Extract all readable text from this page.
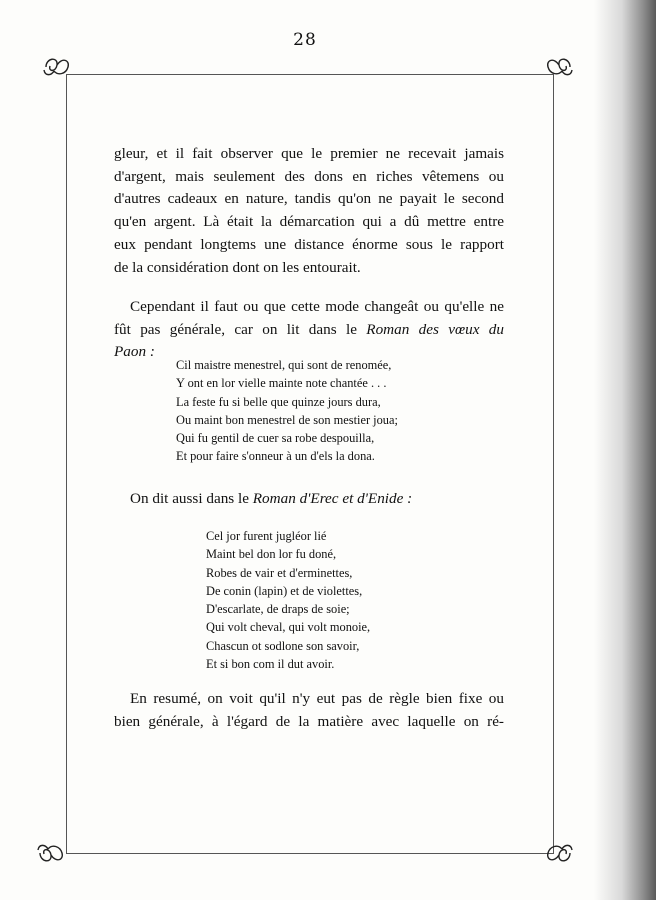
28

gleur, et il fait observer que le premier ne recevait jamais
d'argent, mais seulement des dons en riches vêtemens ou
d'autres cadeaux en nature, tandis qu'on ne payait le second
qu'en argent. Là était la démarcation qui a dû mettre entre
eux pendant longtems une distance énorme sous le rapport
de la considération dont on les entourait.

Cependant il faut ou que cette mode changeât ou qu'elle ne
fût pas générale, car on lit dans le Roman des vœux du
Paon :

Cil maistre menestrel, qui sont de renomée,
Y ont en lor vielle mainte note chantée . . .
La feste fu si belle que quinze jours dura,
Ou maint bon menestrel de son mestier joua;
Qui fu gentil de cuer sa robe despouilla,
Et pour faire s'onneur à un d'els la dona.

On dit aussi dans le Roman d'Erec et d'Enide :

Cel jor furent jugléor lié
Maint bel don lor fu doné,
Robes de vair et d'erminettes,
De conin (lapin) et de violettes,
D'escarlate, de draps de soie;
Qui volt cheval, qui volt monoie,
Chascun ot sodlone son savoir,
Et si bon com il dut avoir.

En resumé, on voit qu'il n'y eut pas de règle bien fixe ou
bien générale, à l'égard de la matière avec laquelle on ré-
